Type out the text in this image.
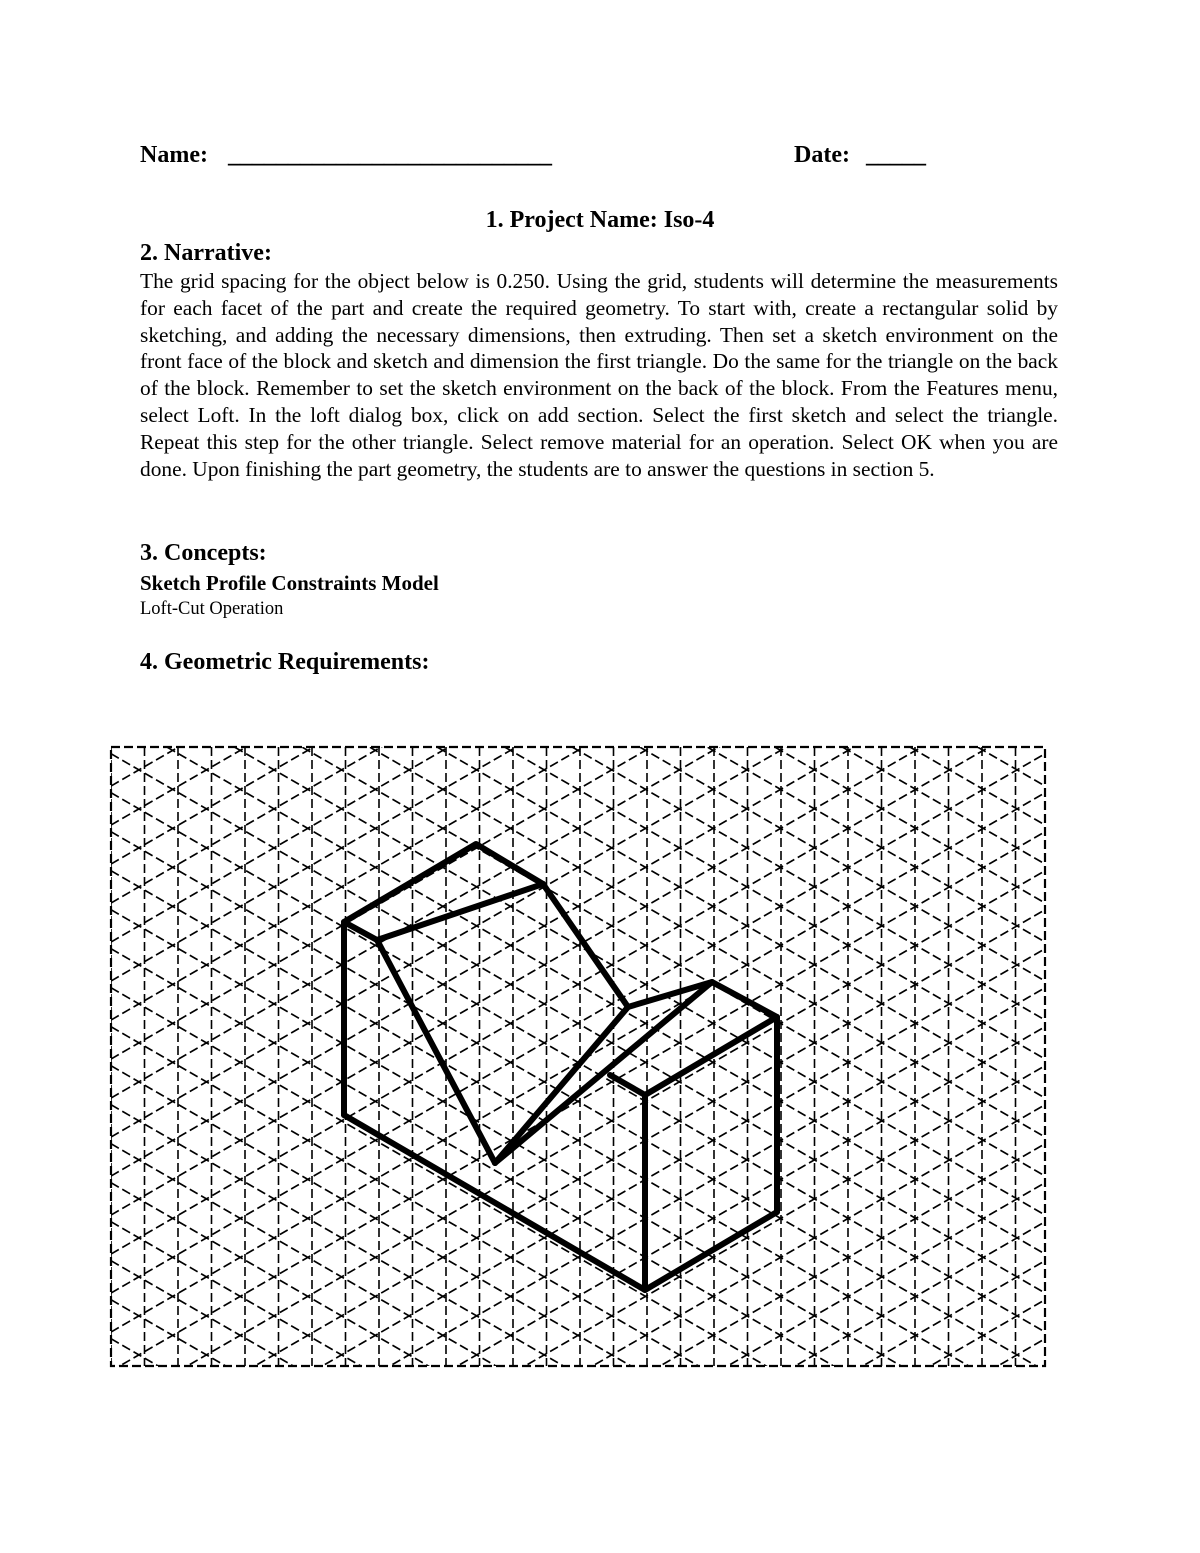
Name: ___________________________	Date: _____
1. Project Name: Iso-4
2. Narrative:
The grid spacing for the object below is 0.250. Using the grid, students will determine the measurements for each facet of the part and create the required geometry. To start with, create a rectangular solid by sketching, and adding the necessary dimensions, then extruding. Then set a sketch environment on the front face of the block and sketch and dimension the first triangle. Do the same for the triangle on the back of the block. Remember to set the sketch environment on the back of the block. From the Features menu, select Loft. In the loft dialog box, click on add section. Select the first sketch and select the triangle. Repeat this step for the other triangle. Select remove material for an operation. Select OK when you are done. Upon finishing the part geometry, the students are to answer the questions in section 5.
3. Concepts:
Sketch Profile Constraints Model
Loft-Cut Operation
4. Geometric Requirements:
